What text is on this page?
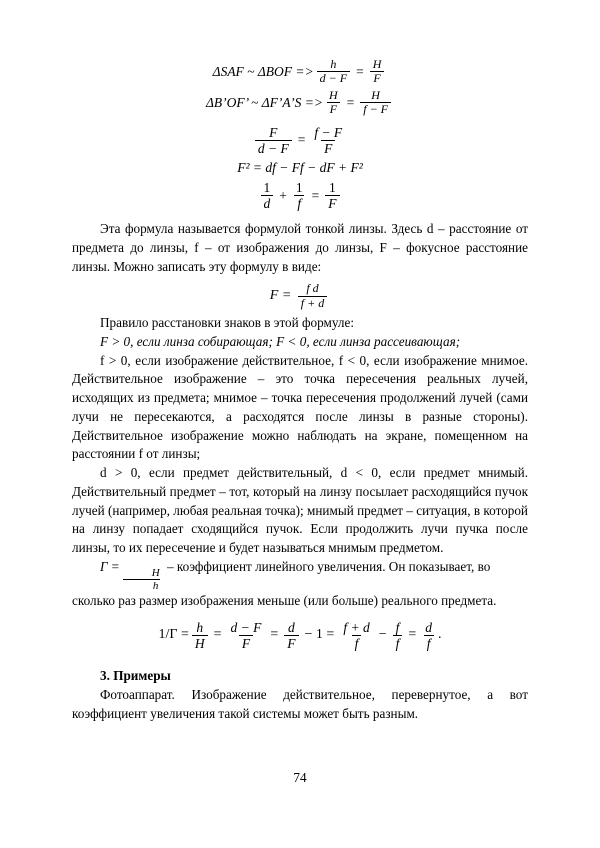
ΔSAF ~ $\Delta BOF => \frac{h}{d - F} = \frac{H}{F}$
ΔB’OF’ ~ ΔF’A’S => $\frac{H}{F} = \frac{H}{f - F}$
$\frac{F}{d - F} = \frac{f - F}{F}$
F² = df − Ff − dF + F²
$\frac{1}{d} + \frac{1}{f} = \frac{1}{F}$

Эта формула называется формулой тонкой линзы. Здесь d – расстояние от предмета до линзы, f – от изображения до линзы, F – фокусное расстояние линзы. Можно записать эту формулу в виде:

$F = \frac{\text{f d}}{f + d}$

Правило расстановки знаков в этой формуле:

F > 0, если линза собирающая; F < 0, если линза рассеивающая;

f > 0, если изображение действительное, f < 0, если изображение мнимое. Действительное изображение – это точка пересечения реальных лучей, исходящих из предмета; мнимое – точка пересечения продолжений лучей (сами лучи не пересекаются, а расходятся после линзы в разные стороны). Действительное изображение можно наблюдать на экране, помещенном на расстоянии f от линзы;

d > 0, если предмет действительный, d < 0, если предмет мнимый. Действительный предмет – тот, который на линзу посылает расходящийся пучок лучей (например, любая реальная точка); мнимый предмет – ситуация, в которой на линзу попадает сходящийся пучок. Если продолжить лучи пучка после линзы, то их пересечение и будет называться мнимым предметом.

Г =
$\frac{H}{h}$
– коэффициент линейного увеличения. Он показывает, во сколько раз размер изображения меньше (или больше) реального предмета.

$1/Г = \frac{h}{H} = \frac{d - F}{F} = \frac{d}{F} - 1 = \frac{f + d}{f} - \frac{f}{f} = \frac{d}{f}$ .
3. Примеры

Фотоаппарат. Изображение действительное, перевернутое, а вот коэффициент увеличения такой системы может быть разным.

74
